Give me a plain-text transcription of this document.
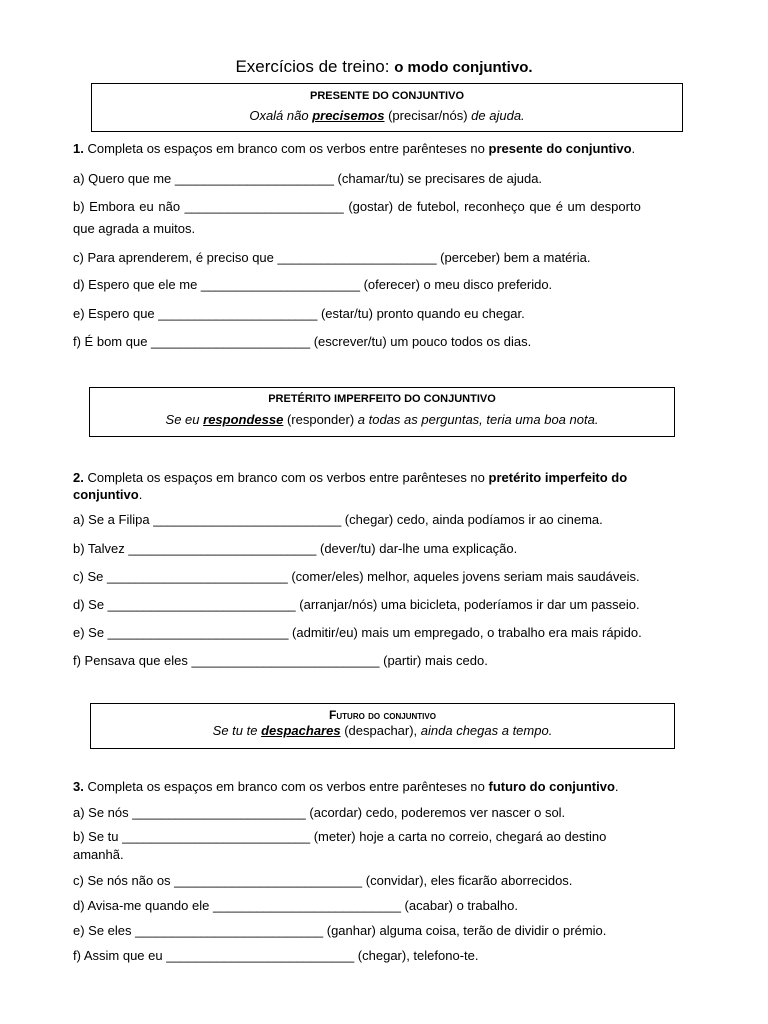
Exercícios de treino: o modo conjuntivo.
PRESENTE DO CONJUNTIVO
Oxalá não precisemos (precisar/nós) de ajuda.
1. Completa os espaços em branco com os verbos entre parênteses no presente do conjuntivo.
a) Quero que me ______________________ (chamar/tu) se precisares de ajuda.
b) Embora eu não ______________________ (gostar) de futebol, reconheço que é um desporto
que agrada a muitos.
c) Para aprenderem, é preciso que ______________________ (perceber) bem a matéria.
d) Espero que ele me ______________________ (oferecer) o meu disco preferido.
e) Espero que ______________________ (estar/tu) pronto quando eu chegar.
f) É bom que ______________________ (escrever/tu) um pouco todos os dias.
PRETÉRITO IMPERFEITO DO CONJUNTIVO
Se eu respondesse (responder) a todas as perguntas, teria uma boa nota.
2. Completa os espaços em branco com os verbos entre parênteses no pretérito imperfeito do
conjuntivo.
a) Se a Filipa __________________________ (chegar) cedo, ainda podíamos ir ao cinema.
b) Talvez __________________________ (dever/tu) dar-lhe uma explicação.
c) Se _________________________ (comer/eles) melhor, aqueles jovens seriam mais saudáveis.
d) Se __________________________ (arranjar/nós) uma bicicleta, poderíamos ir dar um passeio.
e) Se _________________________ (admitir/eu) mais um empregado, o trabalho era mais rápido.
f) Pensava que eles __________________________ (partir) mais cedo.
Futuro do conjuntivo
Se tu te despachares (despachar), ainda chegas a tempo.
3. Completa os espaços em branco com os verbos entre parênteses no futuro do conjuntivo.
a) Se nós ________________________ (acordar) cedo, poderemos ver nascer o sol.
b) Se tu __________________________ (meter) hoje a carta no correio, chegará ao destino
amanhã.
c) Se nós não os __________________________ (convidar), eles ficarão aborrecidos.
d) Avisa-me quando ele __________________________ (acabar) o trabalho.
e) Se eles __________________________ (ganhar) alguma coisa, terão de dividir o prémio.
f) Assim que eu __________________________ (chegar), telefono-te.
